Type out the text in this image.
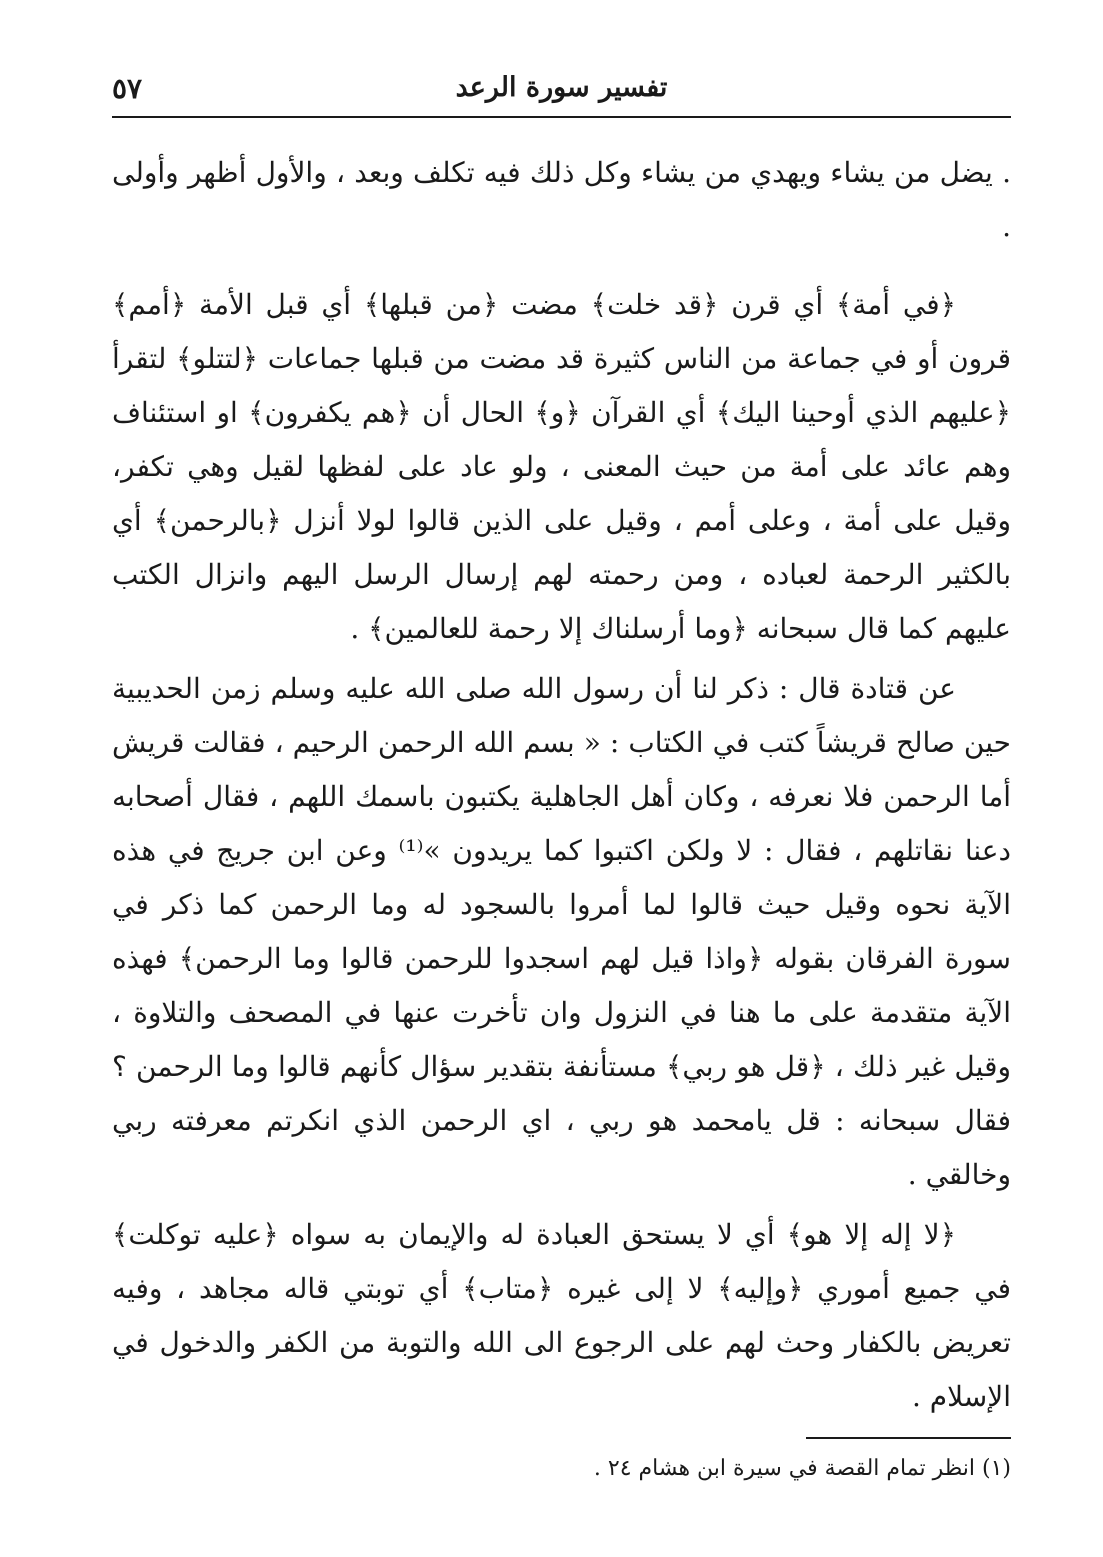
تفسير سورة الرعد
٥٧

. يضل من يشاء ويهدي من يشاء وكل ذلك فيه تكلف وبعد ، والأول أظهر وأولى .

﴿في أمة﴾ أي قرن ﴿قد خلت﴾ مضت ﴿من قبلها﴾ أي قبل الأمة ﴿أمم﴾ قرون أو في جماعة من الناس كثيرة قد مضت من قبلها جماعات ﴿لتتلو﴾ لتقرأ ﴿عليهم الذي أوحينا اليك﴾ أي القرآن ﴿و﴾ الحال أن ﴿هم يكفرون﴾ او استئناف وهم عائد على أمة من حيث المعنى ، ولو عاد على لفظها لقيل وهي تكفر، وقيل على أمة ، وعلى أمم ، وقيل على الذين قالوا لولا أنزل ﴿بالرحمن﴾ أي بالكثير الرحمة لعباده ، ومن رحمته لهم إرسال الرسل اليهم وانزال الكتب عليهم كما قال سبحانه ﴿وما أرسلناك إلا رحمة للعالمين﴾ .

عن قتادة قال : ذكر لنا أن رسول الله صلى الله عليه وسلم زمن الحديبية حين صالح قريشاً كتب في الكتاب : « بسم الله الرحمن الرحيم ، فقالت قريش أما الرحمن فلا نعرفه ، وكان أهل الجاهلية يكتبون باسمك اللهم ، فقال أصحابه دعنا نقاتلهم ، فقال : لا ولكن اكتبوا كما يريدون »⁽¹⁾ وعن ابن جريج في هذه الآية نحوه وقيل حيث قالوا لما أمروا بالسجود له وما الرحمن كما ذكر في سورة الفرقان بقوله ﴿واذا قيل لهم اسجدوا للرحمن قالوا وما الرحمن﴾ فهذه الآية متقدمة على ما هنا في النزول وان تأخرت عنها في المصحف والتلاوة ، وقيل غير ذلك ، ﴿قل هو ربي﴾ مستأنفة بتقدير سؤال كأنهم قالوا وما الرحمن ؟ فقال سبحانه : قل يامحمد هو ربي ، اي الرحمن الذي انكرتم معرفته ربي وخالقي .

﴿لا إله إلا هو﴾ أي لا يستحق العبادة له والإيمان به سواه ﴿عليه توكلت﴾ في جميع أموري ﴿وإليه﴾ لا إلى غيره ﴿متاب﴾ أي توبتي قاله مجاهد ، وفيه تعريض بالكفار وحث لهم على الرجوع الى الله والتوبة من الكفر والدخول في الإسلام .

(١) انظر تمام القصة في سيرة ابن هشام ٢٤ .
